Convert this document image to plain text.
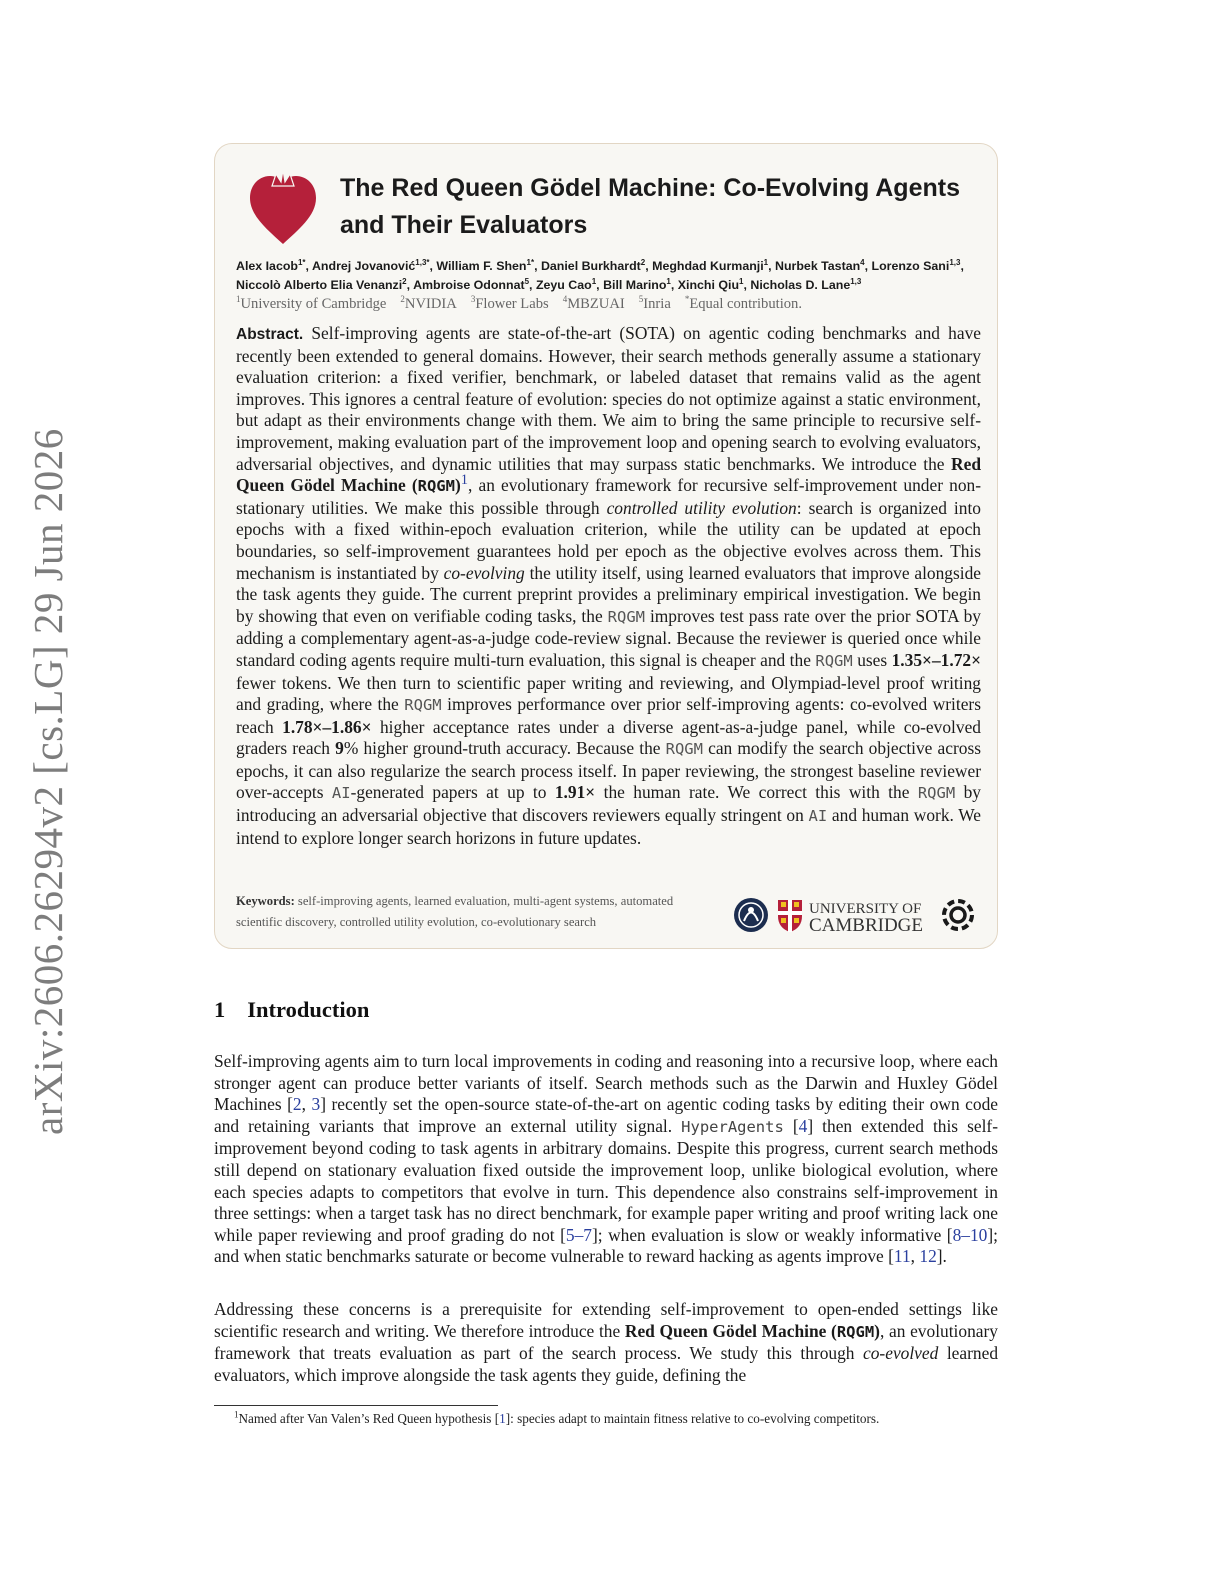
arXiv:2606.26294v2 [cs.LG] 29 Jun 2026
The Red Queen Gödel Machine: Co-Evolving Agents and Their Evaluators
Alex Iacob$^{1*}$, Andrej Jovanović$^{1,3*}$, William F. Shen$^{1*}$, Daniel Burkhardt$^2$, Meghdad Kurmanji$^1$, Nurbek Tastan$^4$, Lorenzo Sani$^{1,3}$, Niccolò Alberto Elia Venanzi$^2$, Ambroise Odonnat$^5$, Zeyu Cao$^1$, Bill Marino$^1$, Xinchi Qiu$^1$, Nicholas D. Lane$^{1,3}$
$^1$University of Cambridge $^2$NVIDIA $^3$Flower Labs $^4$MBZUAI $^5$Inria *Equal contribution.
Abstract. Self-improving agents are state-of-the-art (SOTA) on agentic coding benchmarks and have recently been extended to general domains. However, their search methods generally assume a stationary evaluation criterion: a fixed verifier, benchmark, or labeled dataset that remains valid as the agent improves. This ignores a central feature of evolution: species do not optimize against a static environment, but adapt as their environments change with them. We aim to bring the same principle to recursive self-improvement, making evaluation part of the improvement loop and opening search to evolving evaluators, adversarial objectives, and dynamic utilities that may surpass static benchmarks. We introduce the Red Queen Gödel Machine (RQGM)$^1$, an evolutionary framework for recursive self-improvement under non-stationary utilities. We make this possible through controlled utility evolution: search is organized into epochs with a fixed within-epoch evaluation criterion, while the utility can be updated at epoch boundaries, so self-improvement guarantees hold per epoch as the objective evolves across them. This mechanism is instantiated by co-evolving the utility itself, using learned evaluators that improve alongside the task agents they guide. The current preprint provides a preliminary empirical investigation. We begin by showing that even on verifiable coding tasks, the RQGM improves test pass rate over the prior SOTA by adding a complementary agent-as-a-judge code-review signal. Because the reviewer is queried once while standard coding agents require multi-turn evaluation, this signal is cheaper and the RQGM uses 1.35×–1.72× fewer tokens. We then turn to scientific paper writing and reviewing, and Olympiad-level proof writing and grading, where the RQGM improves performance over prior self-improving agents: co-evolved writers reach 1.78×–1.86× higher acceptance rates under a diverse agent-as-a-judge panel, while co-evolved graders reach 9% higher ground-truth accuracy. Because the RQGM can modify the search objective across epochs, it can also regularize the search process itself. In paper reviewing, the strongest baseline reviewer over-accepts AI-generated papers at up to 1.91× the human rate. We correct this with the RQGM by introducing an adversarial objective that discovers reviewers equally stringent on AI and human work. We intend to explore longer search horizons in future updates.
Keywords: self-improving agents, learned evaluation, multi-agent systems, automated scientific discovery, controlled utility evolution, co-evolutionary search
UNIVERSITY OF
CAMBRIDGE
1 Introduction
Self-improving agents aim to turn local improvements in coding and reasoning into a recursive loop, where each stronger agent can produce better variants of itself. Search methods such as the Darwin and Huxley Gödel Machines [2, 3] recently set the open-source state-of-the-art on agentic coding tasks by editing their own code and retaining variants that improve an external utility signal. HyperAgents [4] then extended this self-improvement beyond coding to task agents in arbitrary domains. Despite this progress, current search methods still depend on stationary evaluation fixed outside the improvement loop, unlike biological evolution, where each species adapts to competitors that evolve in turn. This dependence also constrains self-improvement in three settings: when a target task has no direct benchmark, for example paper writing and proof writing lack one while paper reviewing and proof grading do not [5–7]; when evaluation is slow or weakly informative [8–10]; and when static benchmarks saturate or become vulnerable to reward hacking as agents improve [11, 12].
Addressing these concerns is a prerequisite for extending self-improvement to open-ended settings like scientific research and writing. We therefore introduce the Red Queen Gödel Machine (RQGM), an evolutionary framework that treats evaluation as part of the search process. We study this through co-evolved learned evaluators, which improve alongside the task agents they guide, defining the
$^1$Named after Van Valen’s Red Queen hypothesis [1]: species adapt to maintain fitness relative to co-evolving competitors.
